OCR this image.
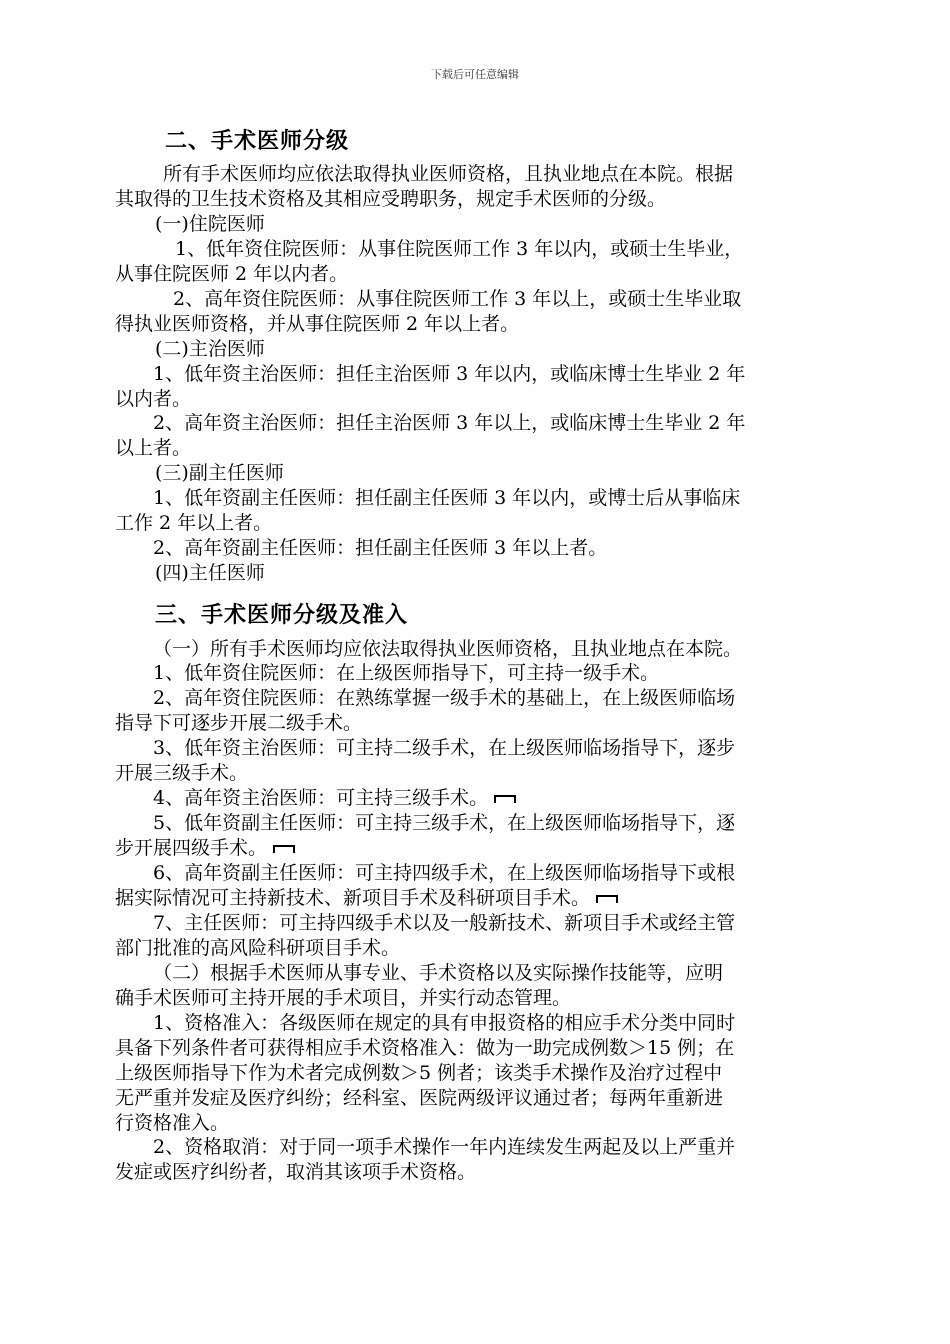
下载后可任意编辑
二、手术医师分级
所有手术医师均应依法取得执业医师资格，且执业地点在本院。根据
其取得的卫生技术资格及其相应受聘职务，规定手术医师的分级。
(一)住院医师
1、低年资住院医师：从事住院医师工作 3 年以内，或硕士生毕业，
从事住院医师 2 年以内者。
2、高年资住院医师：从事住院医师工作 3 年以上，或硕士生毕业取
得执业医师资格，并从事住院医师 2 年以上者。
(二)主治医师
1、低年资主治医师：担任主治医师 3 年以内，或临床博士生毕业 2 年
以内者。
2、高年资主治医师：担任主治医师 3 年以上，或临床博士生毕业 2 年
以上者。
(三)副主任医师
1、低年资副主任医师：担任副主任医师 3 年以内，或博士后从事临床
工作 2 年以上者。
2、高年资副主任医师：担任副主任医师 3 年以上者。
(四)主任医师
三、手术医师分级及准入
（一）所有手术医师均应依法取得执业医师资格，且执业地点在本院。
1、低年资住院医师：在上级医师指导下，可主持一级手术。
2、高年资住院医师：在熟练掌握一级手术的基础上，在上级医师临场
指导下可逐步开展二级手术。
3、低年资主治医师：可主持二级手术，在上级医师临场指导下，逐步
开展三级手术。
4、高年资主治医师：可主持三级手术。
5、低年资副主任医师：可主持三级手术，在上级医师临场指导下，逐
步开展四级手术。
6、高年资副主任医师：可主持四级手术，在上级医师临场指导下或根
据实际情况可主持新技术、新项目手术及科研项目手术。
7、主任医师：可主持四级手术以及一般新技术、新项目手术或经主管
部门批准的高风险科研项目手术。
（二）根据手术医师从事专业、手术资格以及实际操作技能等，应明
确手术医师可主持开展的手术项目，并实行动态管理。
1、资格准入：各级医师在规定的具有申报资格的相应手术分类中同时
具备下列条件者可获得相应手术资格准入：做为一助完成例数＞15 例；在
上级医师指导下作为术者完成例数＞5 例者；该类手术操作及治疗过程中
无严重并发症及医疗纠纷；经科室、医院两级评议通过者；每两年重新进
行资格准入。
2、资格取消：对于同一项手术操作一年内连续发生两起及以上严重并
发症或医疗纠纷者，取消其该项手术资格。
